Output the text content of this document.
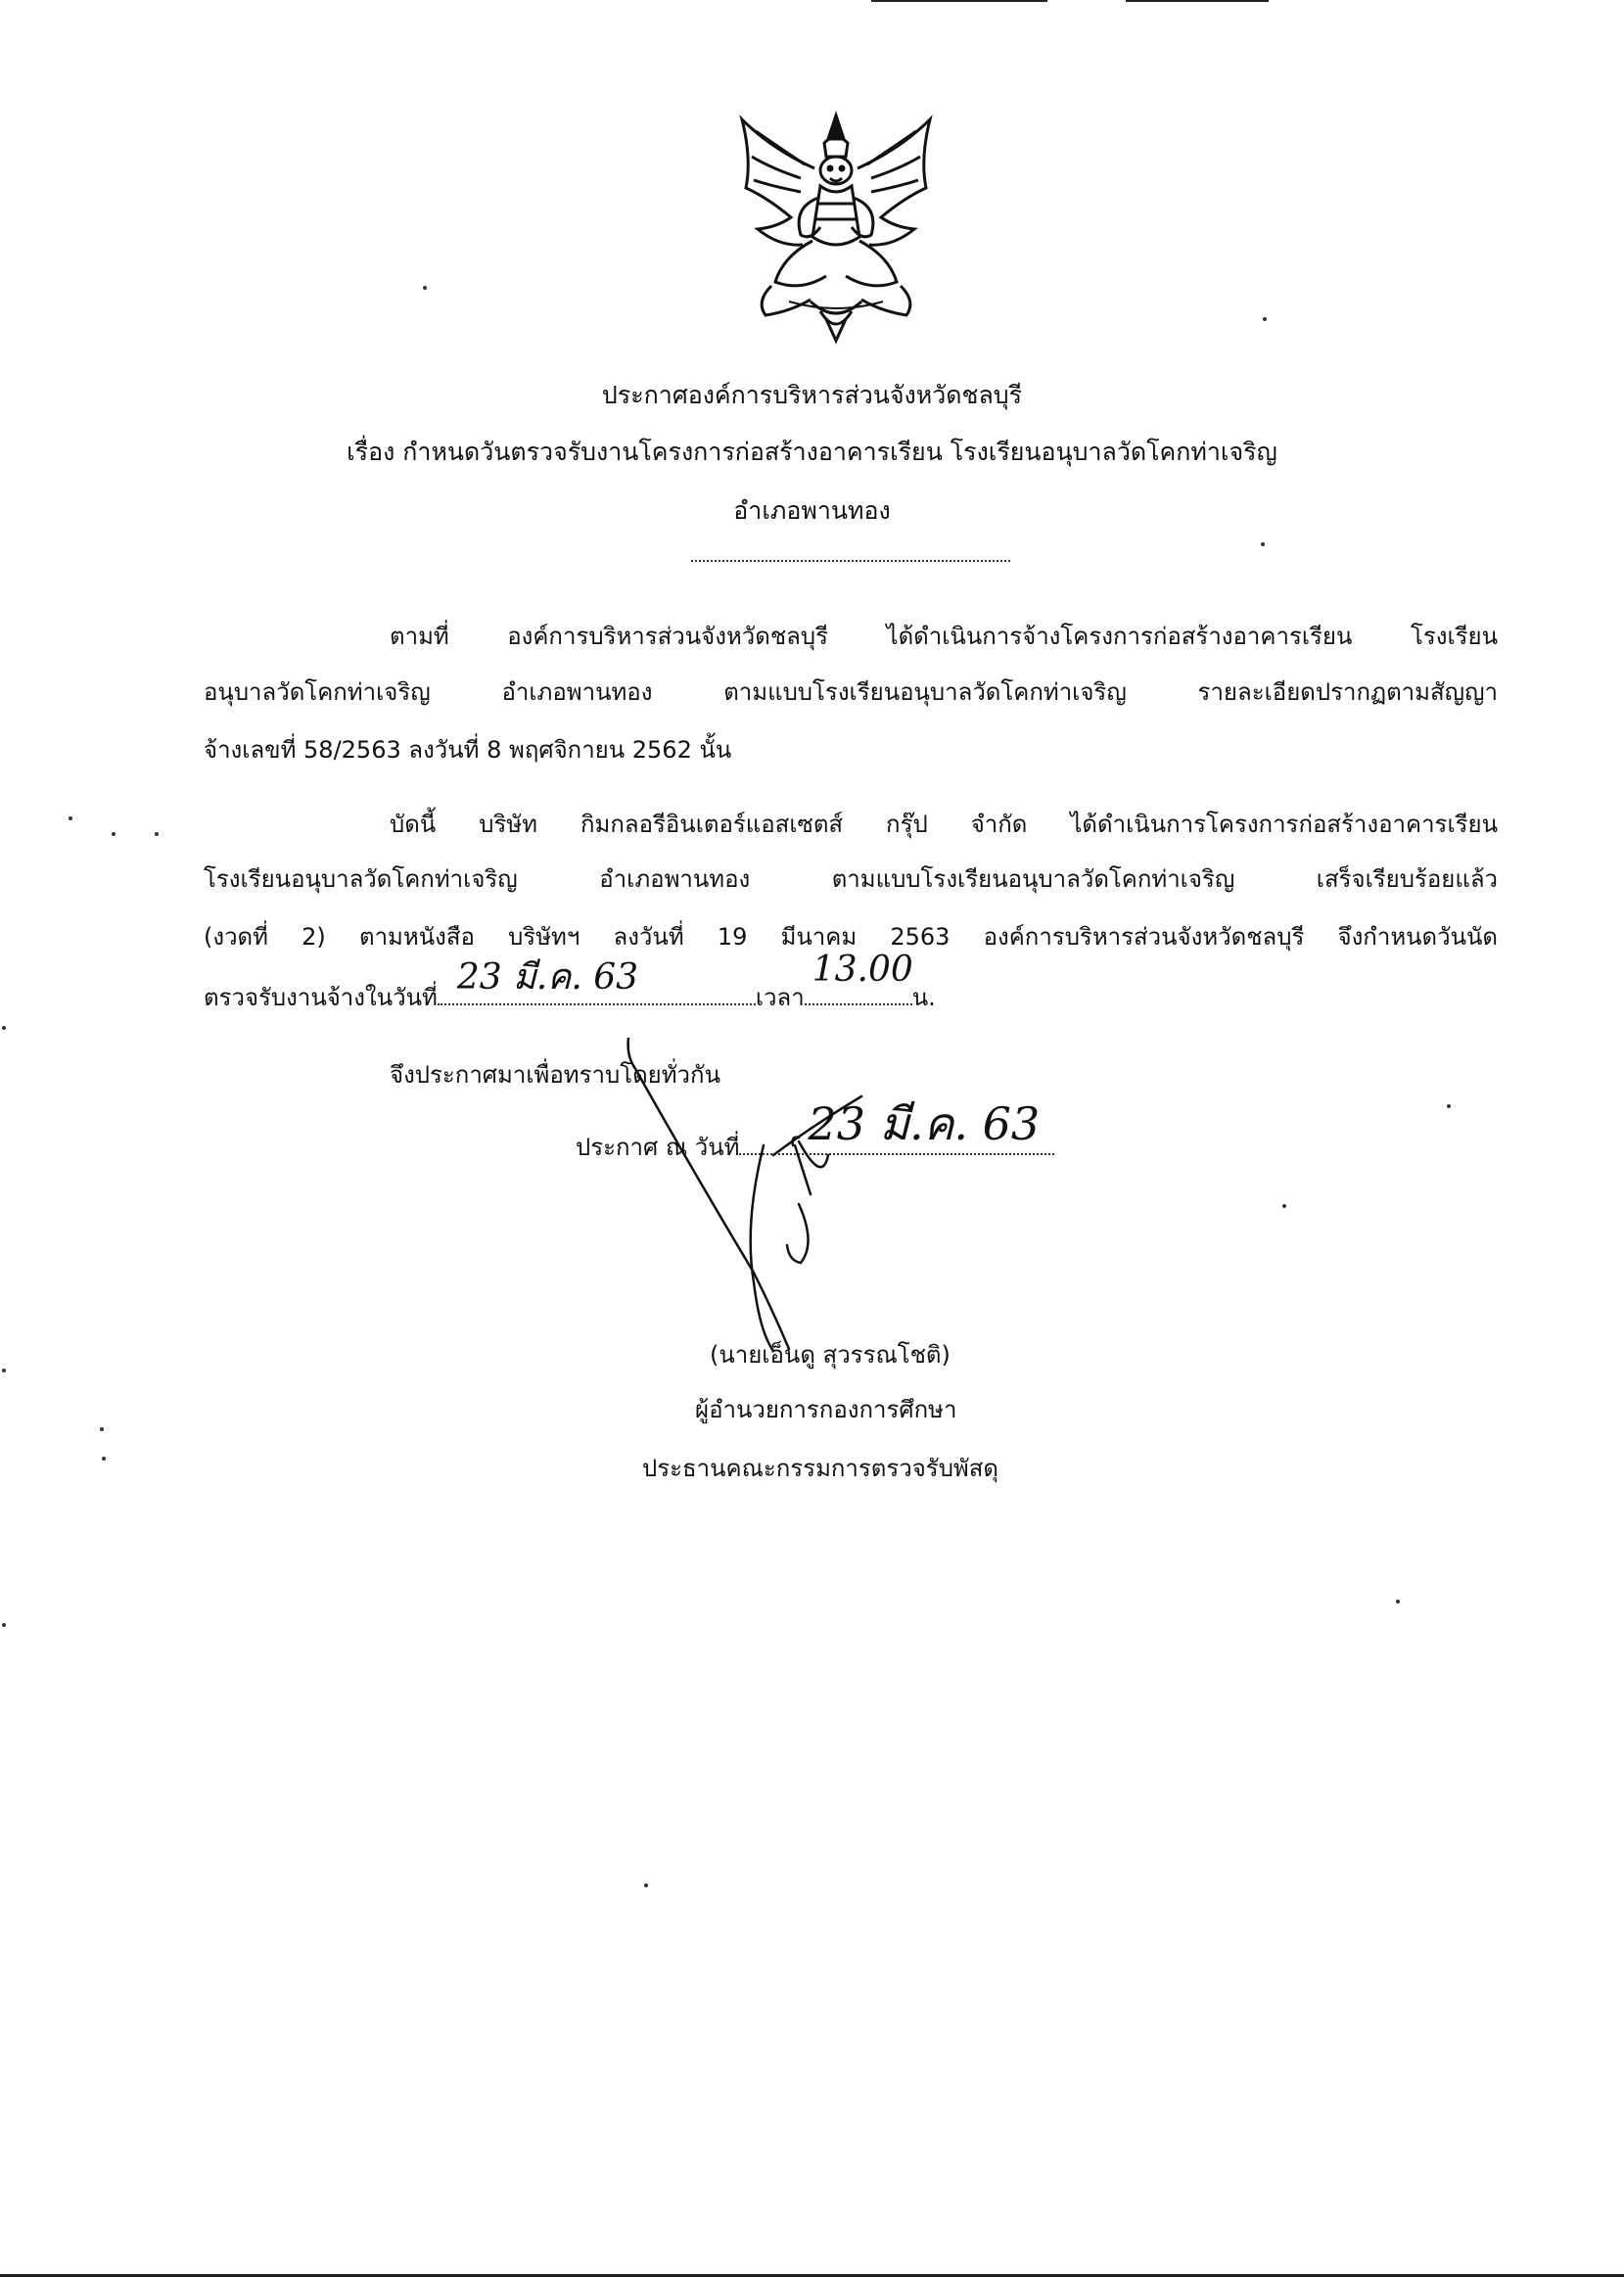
ประกาศองค์การบริหารส่วนจังหวัดชลบุรี
เรื่อง กำหนดวันตรวจรับงานโครงการก่อสร้างอาคารเรียน โรงเรียนอนุบาลวัดโคกท่าเจริญ
อำเภอพานทอง
ตามที่ องค์การบริหารส่วนจังหวัดชลบุรี ได้ดำเนินการจ้างโครงการก่อสร้างอาคารเรียน โรงเรียน
อนุบาลวัดโคกท่าเจริญ อำเภอพานทอง ตามแบบโรงเรียนอนุบาลวัดโคกท่าเจริญ รายละเอียดปรากฏตามสัญญา
จ้างเลขที่ 58/2563 ลงวันที่ 8 พฤศจิกายน 2562 นั้น
บัดนี้ บริษัท กิมกลอรีอินเตอร์แอสเซตส์ กรุ๊ป จำกัด ได้ดำเนินการโครงการก่อสร้างอาคารเรียน
โรงเรียนอนุบาลวัดโคกท่าเจริญ อำเภอพานทอง ตามแบบโรงเรียนอนุบาลวัดโคกท่าเจริญ เสร็จเรียบร้อยแล้ว
(งวดที่ 2) ตามหนังสือ บริษัทฯ ลงวันที่ 19 มีนาคม 2563 องค์การบริหารส่วนจังหวัดชลบุรี จึงกำหนดวันนัด
ตรวจรับงานจ้างในวันที่ 23 มี.ค. 63	เวลา
13.00
น.
จึงประกาศมาเพื่อทราบโดยทั่วกัน
ประกาศ ณ วันที่ 23 มี.ค. 63
(นายเอ็นดู สุวรรณโชติ)
ผู้อำนวยการกองการศึกษา
ประธานคณะกรรมการตรวจรับพัสดุ
